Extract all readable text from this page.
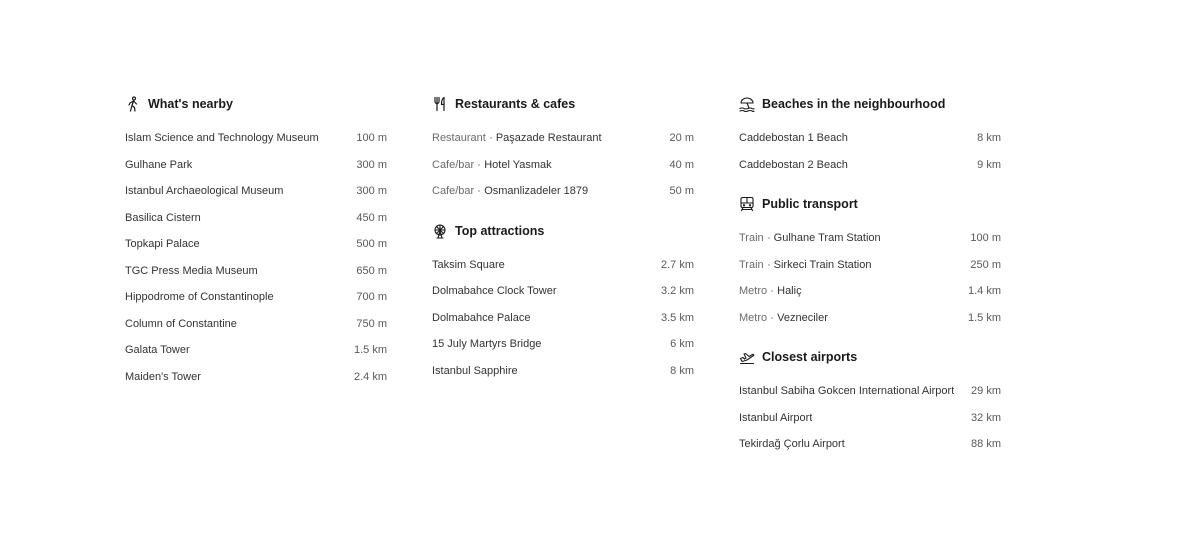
What's nearby
Islam Science and Technology Museum	100 m
Gulhane Park	300 m
Istanbul Archaeological Museum	300 m
Basilica Cistern	450 m
Topkapi Palace	500 m
TGC Press Media Museum	650 m
Hippodrome of Constantinople	700 m
Column of Constantine	750 m
Galata Tower	1.5 km
Maiden's Tower	2.4 km
Restaurants & cafes
Restaurant Paşazade Restaurant	20 m
Cafe/bar Hotel Yasmak	40 m
Cafe/bar Osmanlizadeler 1879	50 m
Top attractions
Taksim Square	2.7 km
Dolmabahce Clock Tower	3.2 km
Dolmabahce Palace	3.5 km
15 July Martyrs Bridge	6 km
Istanbul Sapphire	8 km
Beaches in the neighbourhood
Caddebostan 1 Beach	8 km
Caddebostan 2 Beach	9 km
Public transport
Train Gulhane Tram Station	100 m
Train Sirkeci Train Station	250 m
Metro Haliç	1.4 km
Metro Vezneciler	1.5 km
Closest airports
Istanbul Sabiha Gokcen International Airport 29 km
Istanbul Airport	32 km
Tekirdağ Çorlu Airport	88 km
